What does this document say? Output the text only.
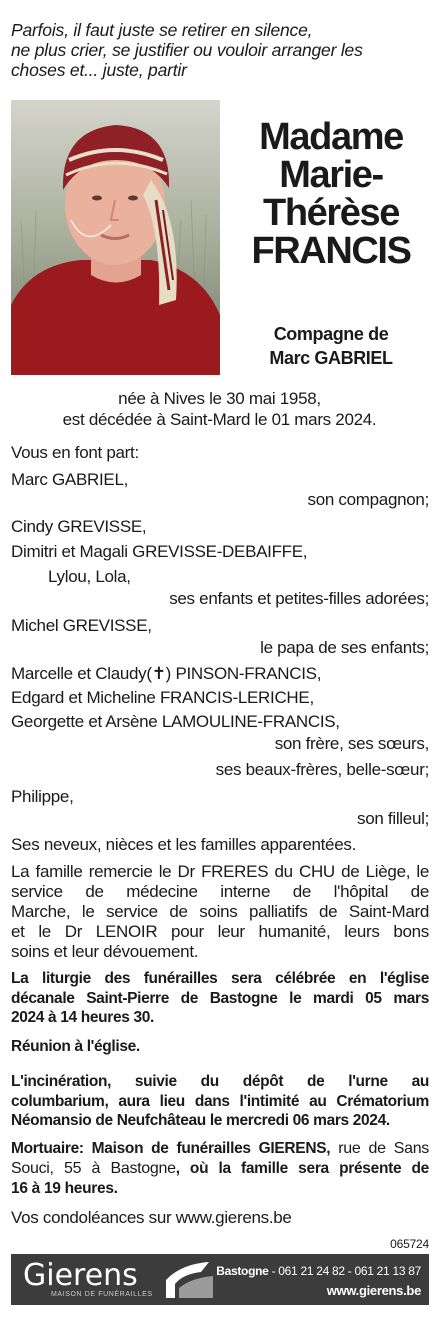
Parfois, il faut juste se retirer en silence,
ne plus crier, se justifier ou vouloir arranger les
choses et... juste, partir
Madame
Marie-
Thérèse
FRANCIS
Compagne de
Marc GABRIEL
née à Nives le 30 mai 1958,
est décédée à Saint-Mard le 01 mars 2024.
Vous en font part:
Marc GABRIEL,
son compagnon;
Cindy GREVISSE,
Dimitri et Magali GREVISSE-DEBAIFFE,
Lylou, Lola,
ses enfants et petites-filles adorées;
Michel GREVISSE,
le papa de ses enfants;
Marcelle et Claudy(✝) PINSON-FRANCIS,
Edgard et Micheline FRANCIS-LERICHE,
Georgette et Arsène LAMOULINE-FRANCIS,
son frère, ses sœurs,
ses beaux-frères, belle-sœur;
Philippe,
son filleul;
Ses neveux, nièces et les familles apparentées.
La famille remercie le Dr FRERES du CHU de Liège, le
service de médecine interne de l'hôpital de
Marche, le service de soins palliatifs de Saint-Mard
et le Dr LENOIR pour leur humanité, leurs bons
soins et leur dévouement.
La liturgie des funérailles sera célébrée en l'église
décanale Saint-Pierre de Bastogne le mardi 05 mars
2024 à 14 heures 30.
Réunion à l'église.
L'incinération, suivie du dépôt de l'urne au
columbarium, aura lieu dans l'intimité au Crématorium
Néomansio de Neufchâteau le mercredi 06 mars 2024.
Mortuaire: Maison de funérailles GIERENS, rue de Sans
Souci, 55 à Bastogne, où la famille sera présente de
16 à 19 heures.
Vos condoléances sur www.gierens.be
065724
Gierens
MAISON DE FUNÉRAILLES
Bastogne - 061 21 24 82 - 061 21 13 87
www.gierens.be
